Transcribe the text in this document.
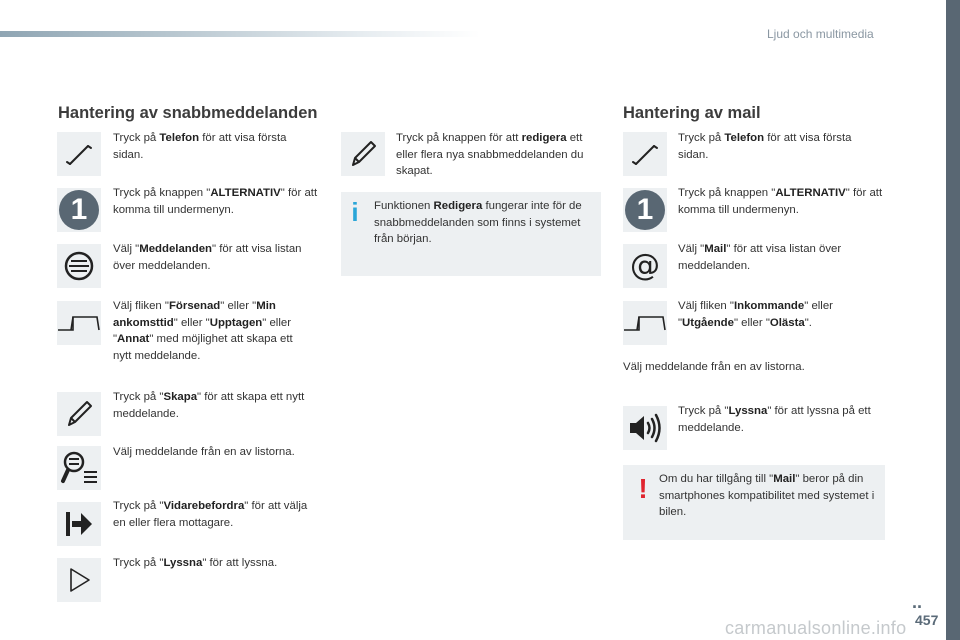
Ljud och multimedia
Hantering av snabbmeddelanden
Tryck på Telefon för att visa första sidan.
1	Tryck på knappen "ALTERNATIV" för att komma till undermenyn.
Välj "Meddelanden" för att visa listan över meddelanden.
Välj fliken "Försenad" eller "Min ankomsttid" eller "Upptagen" eller "Annat" med möjlighet att skapa ett nytt meddelande.
Tryck på "Skapa" för att skapa ett nytt meddelande.
Välj meddelande från en av listorna.
Tryck på "Vidarebefordra" för att välja en eller flera mottagare.
Tryck på "Lyssna" för att lyssna.
Tryck på knappen för att redigera ett eller flera nya snabbmeddelanden du skapat.
i Funktionen Redigera fungerar inte för de snabbmeddelanden som finns i systemet från början.
Hantering av mail
Tryck på Telefon för att visa första sidan.
1	Tryck på knappen "ALTERNATIV" för att komma till undermenyn.
@ Välj "Mail" för att visa listan över meddelanden.
Välj fliken "Inkommande" eller "Utgående" eller "Olästa".
Välj meddelande från en av listorna.
Tryck på "Lyssna" för att lyssna på ett meddelande.
! Om du har tillgång till "Mail" beror på din smartphones kompatibilitet med systemet i bilen.
..
457
carmanualsonline.info
